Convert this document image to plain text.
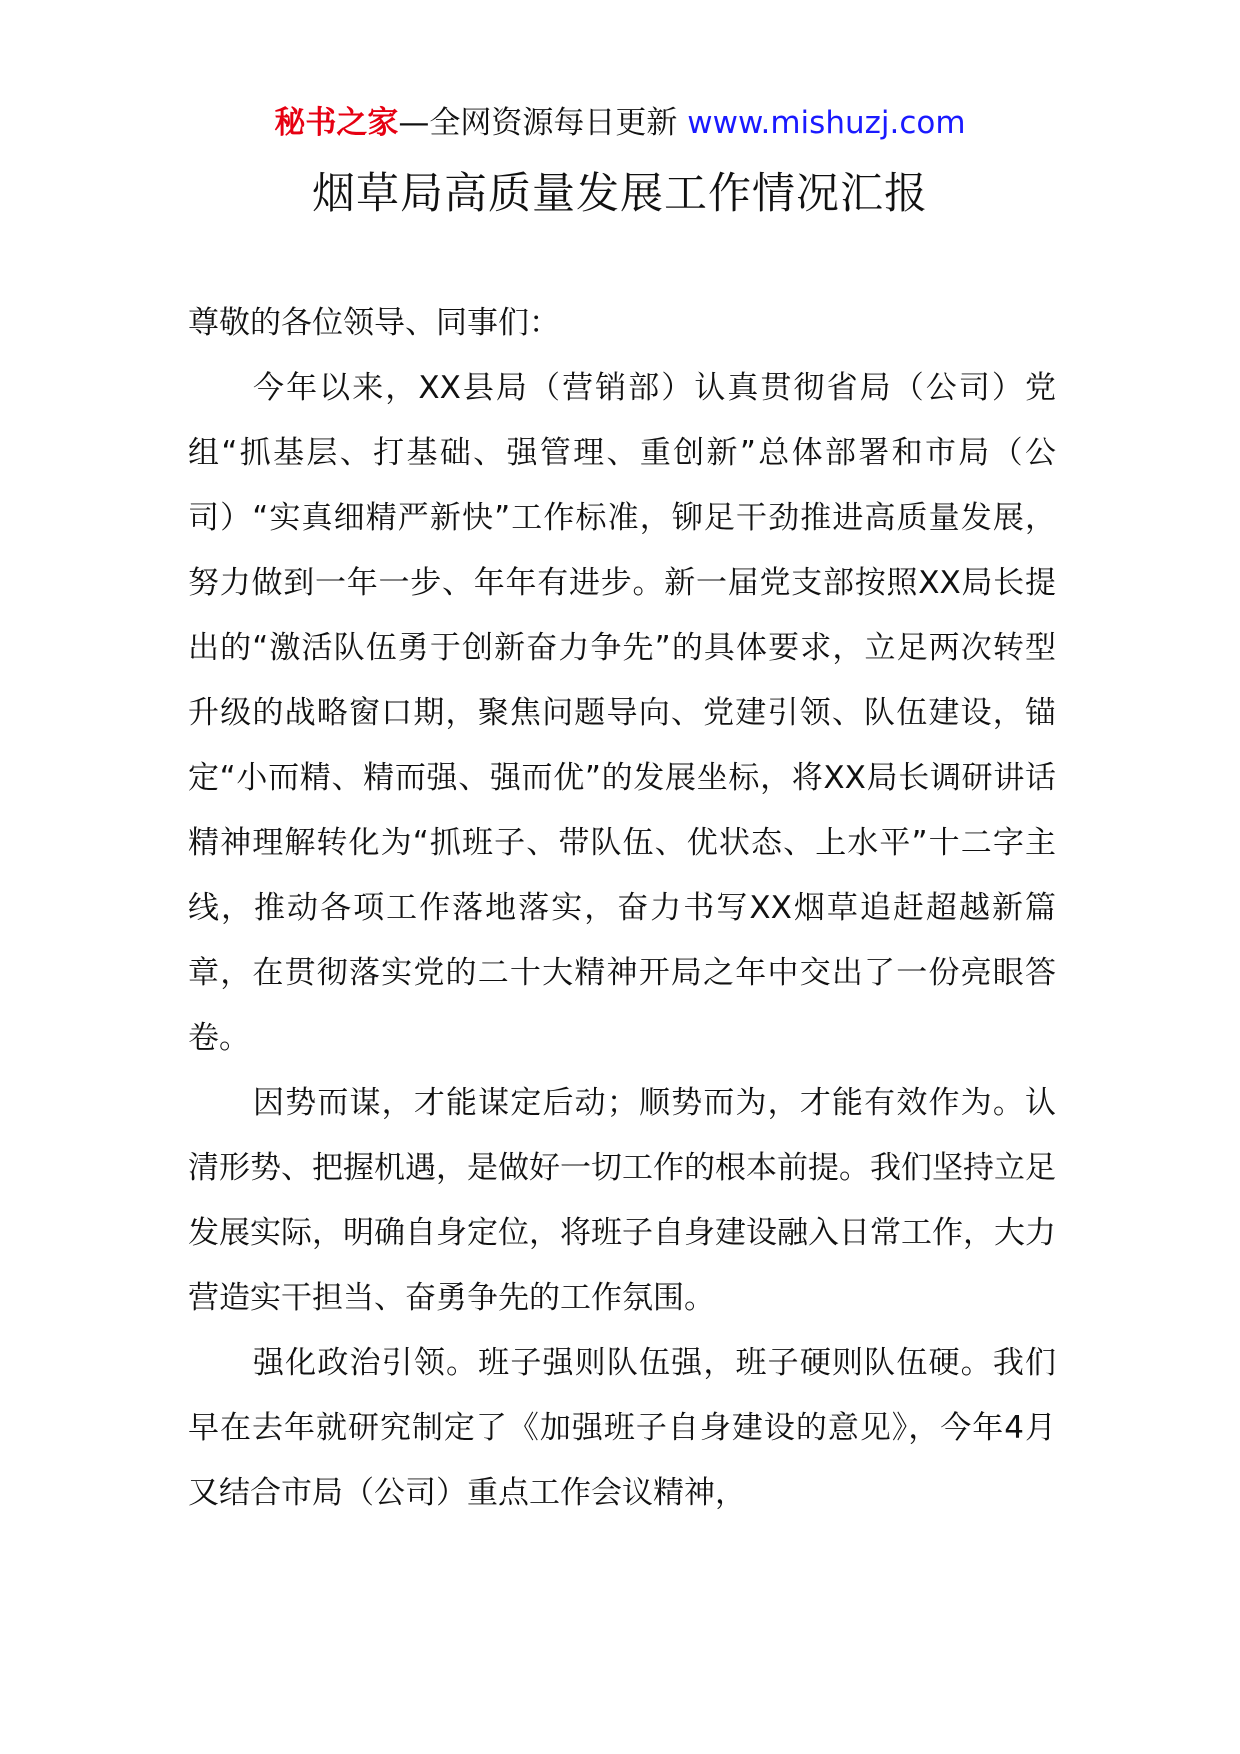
秘书之家—全网资源每日更新 www.mishuzj.com
烟草局高质量发展工作情况汇报

尊敬的各位领导、同事们：

今年以来，XX县局（营销部）认真贯彻省局（公司）党组“抓基层、打基础、强管理、重创新”总体部署和市局（公司）“实真细精严新快”工作标准，铆足干劲推进高质量发展，努力做到一年一步、年年有进步。新一届党支部按照XX局长提出的“激活队伍勇于创新奋力争先”的具体要求，立足两次转型升级的战略窗口期，聚焦问题导向、党建引领、队伍建设，锚定“小而精、精而强、强而优”的发展坐标，将XX局长调研讲话精神理解转化为“抓班子、带队伍、优状态、上水平”十二字主线，推动各项工作落地落实，奋力书写XX烟草追赶超越新篇章，在贯彻落实党的二十大精神开局之年中交出了一份亮眼答卷。

因势而谋，才能谋定后动；顺势而为，才能有效作为。认清形势、把握机遇，是做好一切工作的根本前提。我们坚持立足发展实际，明确自身定位，将班子自身建设融入日常工作，大力营造实干担当、奋勇争先的工作氛围。

强化政治引领。班子强则队伍强，班子硬则队伍硬。我们早在去年就研究制定了《加强班子自身建设的意见》，今年4月又结合市局（公司）重点工作会议精神，
